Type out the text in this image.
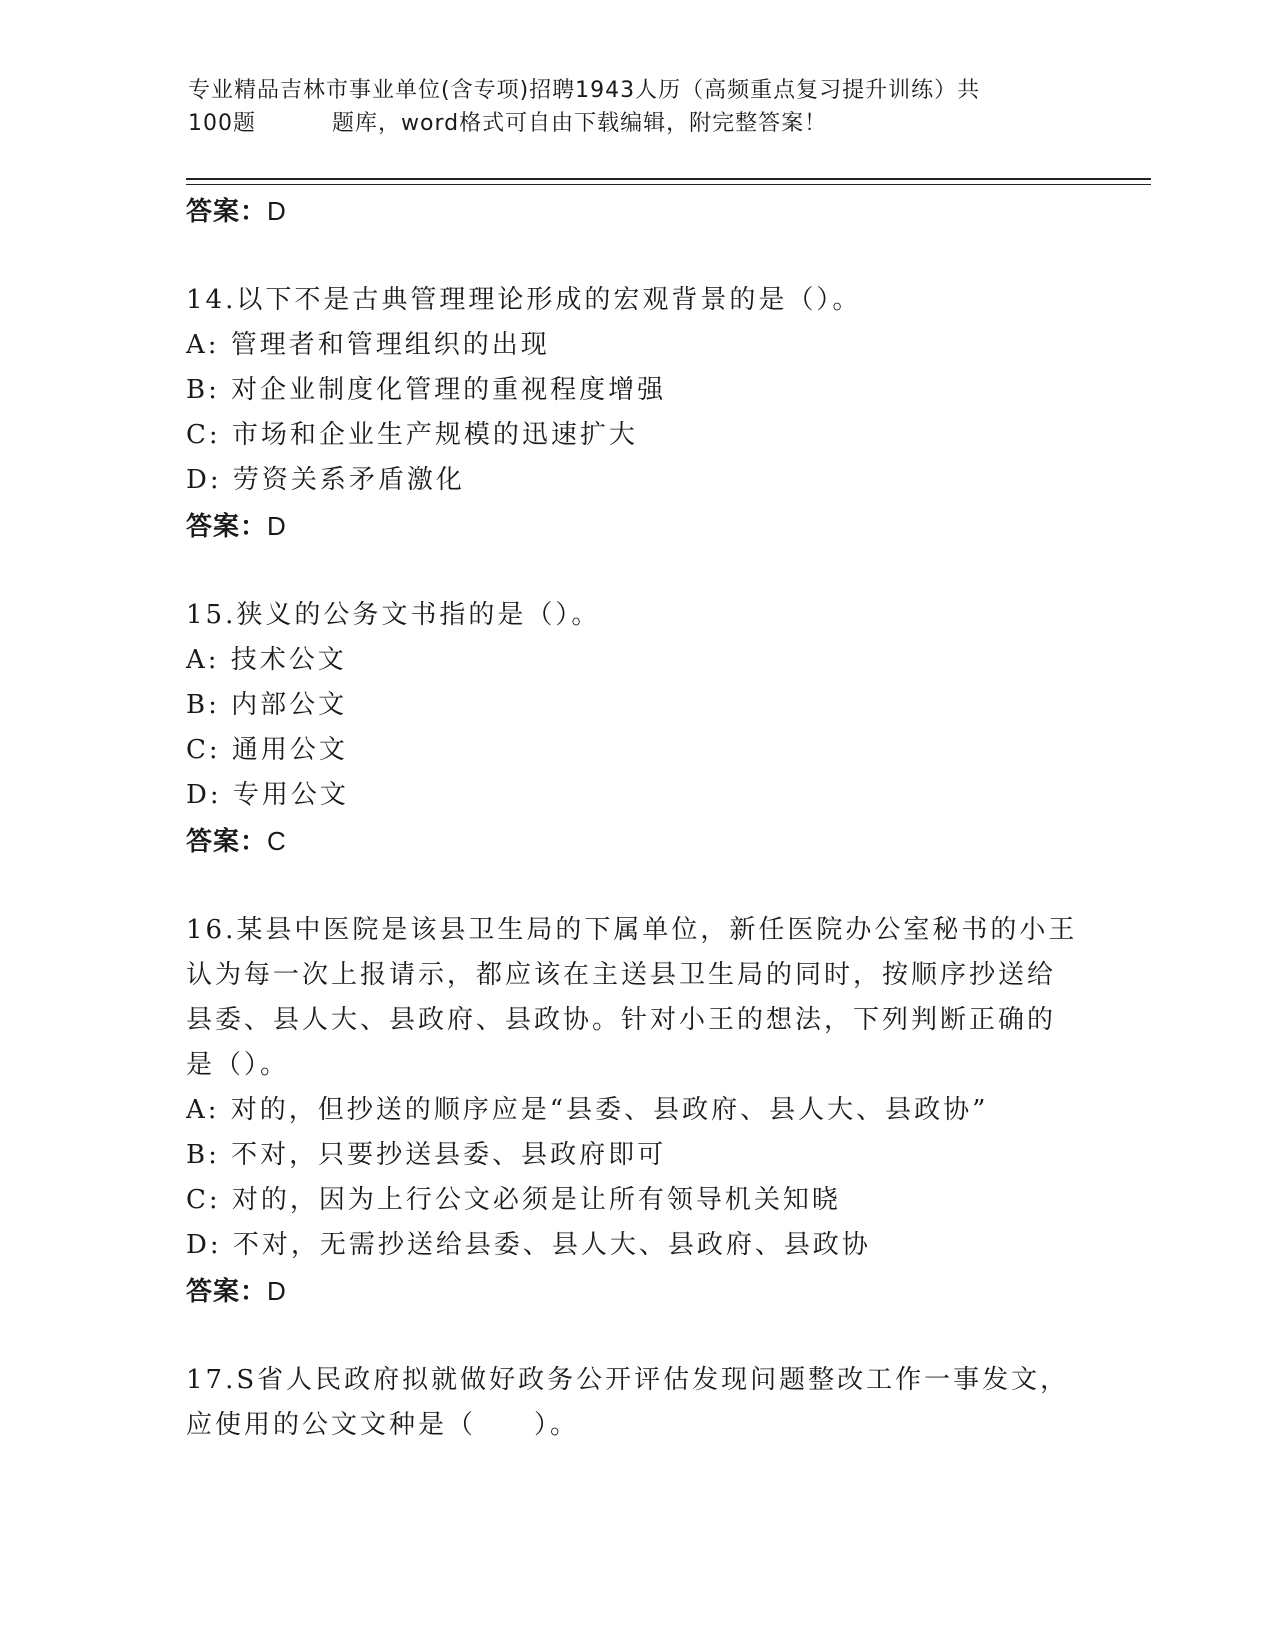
专业精品吉林市事业单位(含专项)招聘1943人历（高频重点复习提升训练）共
100题	题库，word格式可自由下载编辑，附完整答案！
答案：D
14.以下不是古典管理理论形成的宏观背景的是（）。
A: 管理者和管理组织的出现
B: 对企业制度化管理的重视程度增强
C: 市场和企业生产规模的迅速扩大
D: 劳资关系矛盾激化
答案：D
15.狭义的公务文书指的是（）。
A: 技术公文
B: 内部公文
C: 通用公文
D: 专用公文
答案：C
16.某县中医院是该县卫生局的下属单位，新任医院办公室秘书的小王
认为每一次上报请示，都应该在主送县卫生局的同时，按顺序抄送给
县委、县人大、县政府、县政协。针对小王的想法，下列判断正确的
是（）。
A: 对的，但抄送的顺序应是“县委、县政府、县人大、县政协”
B: 不对，只要抄送县委、县政府即可
C: 对的，因为上行公文必须是让所有领导机关知晓
D: 不对，无需抄送给县委、县人大、县政府、县政协
答案：D
17.S省人民政府拟就做好政务公开评估发现问题整改工作一事发文，
应使用的公文文种是（　　）。
